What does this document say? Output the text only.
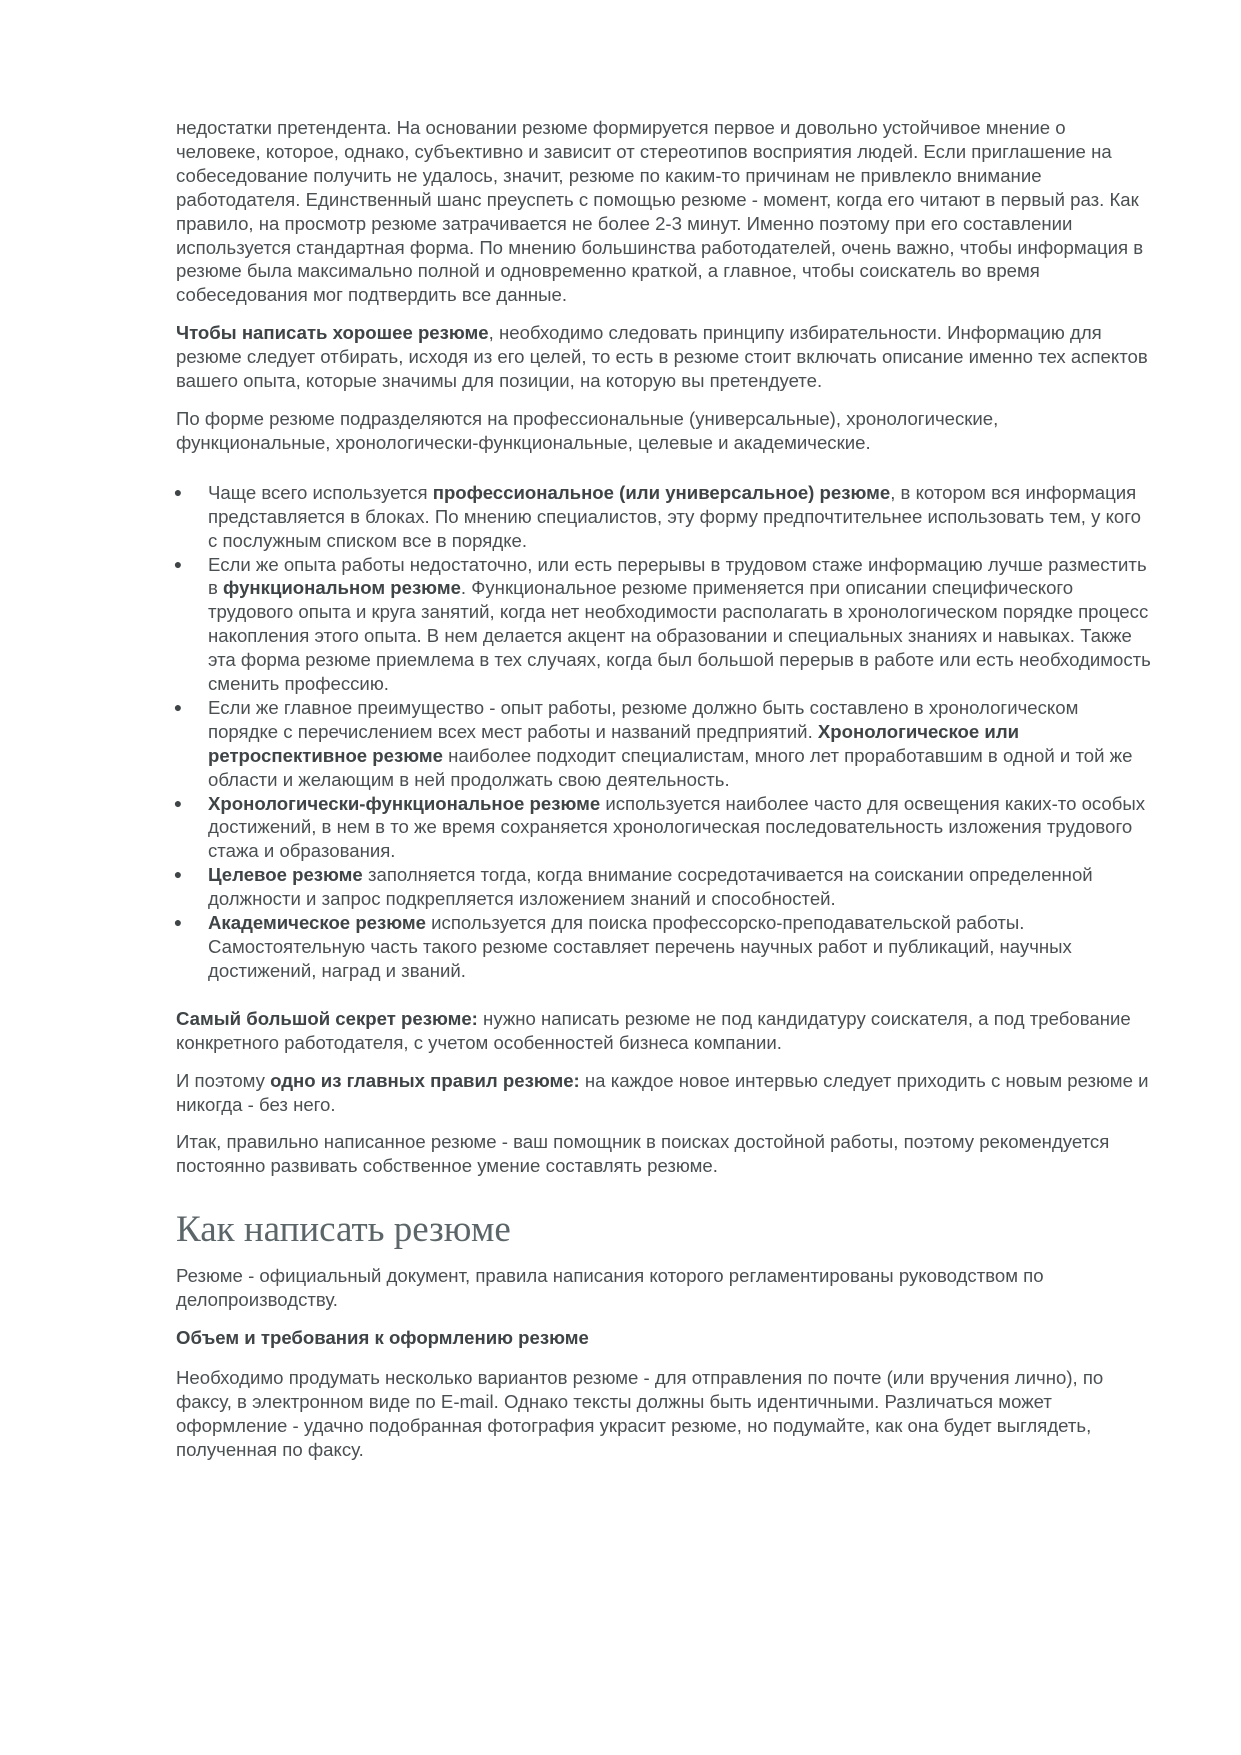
недостатки претендента. На основании резюме формируется первое и довольно устойчивое мнение о человеке, которое, однако, субъективно и зависит от стереотипов восприятия людей. Если приглашение на собеседование получить не удалось, значит, резюме по каким-то причинам не привлекло внимание работодателя. Единственный шанс преуспеть с помощью резюме - момент, когда его читают в первый раз. Как правило, на просмотр резюме затрачивается не более 2-3 минут. Именно поэтому при его составлении используется стандартная форма. По мнению большинства работодателей, очень важно, чтобы информация в резюме была максимально полной и одновременно краткой, а главное, чтобы соискатель во время собеседования мог подтвердить все данные.

Чтобы написать хорошее резюме, необходимо следовать принципу избирательности. Информацию для резюме следует отбирать, исходя из его целей, то есть в резюме стоит включать описание именно тех аспектов вашего опыта, которые значимы для позиции, на которую вы претендуете.

По форме резюме подразделяются на профессиональные (универсальные), хронологические, функциональные, хронологически-функциональные, целевые и академические.

● Чаще всего используется профессиональное (или универсальное) резюме, в котором вся информация представляется в блоках. По мнению специалистов, эту форму предпочтительнее использовать тем, у кого с послужным списком все в порядке.
● Если же опыта работы недостаточно, или есть перерывы в трудовом стаже информацию лучше разместить в функциональном резюме. Функциональное резюме применяется при описании специфического трудового опыта и круга занятий, когда нет необходимости располагать в хронологическом порядке процесс накопления этого опыта. В нем делается акцент на образовании и специальных знаниях и навыках. Также эта форма резюме приемлема в тех случаях, когда был большой перерыв в работе или есть необходимость сменить профессию.
● Если же главное преимущество - опыт работы, резюме должно быть составлено в хронологическом порядке с перечислением всех мест работы и названий предприятий. Хронологическое или ретроспективное резюме наиболее подходит специалистам, много лет проработавшим в одной и той же области и желающим в ней продолжать свою деятельность.
● Хронологически-функциональное резюме используется наиболее часто для освещения каких-то особых достижений, в нем в то же время сохраняется хронологическая последовательность изложения трудового стажа и образования.
● Целевое резюме заполняется тогда, когда внимание сосредотачивается на соискании определенной должности и запрос подкрепляется изложением знаний и способностей.
● Академическое резюме используется для поиска профессорско-преподавательской работы. Самостоятельную часть такого резюме составляет перечень научных работ и публикаций, научных достижений, наград и званий.

Самый большой секрет резюме: нужно написать резюме не под кандидатуру соискателя, а под требование конкретного работодателя, с учетом особенностей бизнеса компании.

И поэтому одно из главных правил резюме: на каждое новое интервью следует приходить с новым резюме и никогда - без него.

Итак, правильно написанное резюме - ваш помощник в поисках достойной работы, поэтому рекомендуется постоянно развивать собственное умение составлять резюме.

Как написать резюме

Резюме - официальный документ, правила написания которого регламентированы руководством по делопроизводству.

Объем и требования к оформлению резюме

Необходимо продумать несколько вариантов резюме - для отправления по почте (или вручения лично), по факсу, в электронном виде по E-mail. Однако тексты должны быть идентичными. Различаться может оформление - удачно подобранная фотография украсит резюме, но подумайте, как она будет выглядеть, полученная по факсу.
